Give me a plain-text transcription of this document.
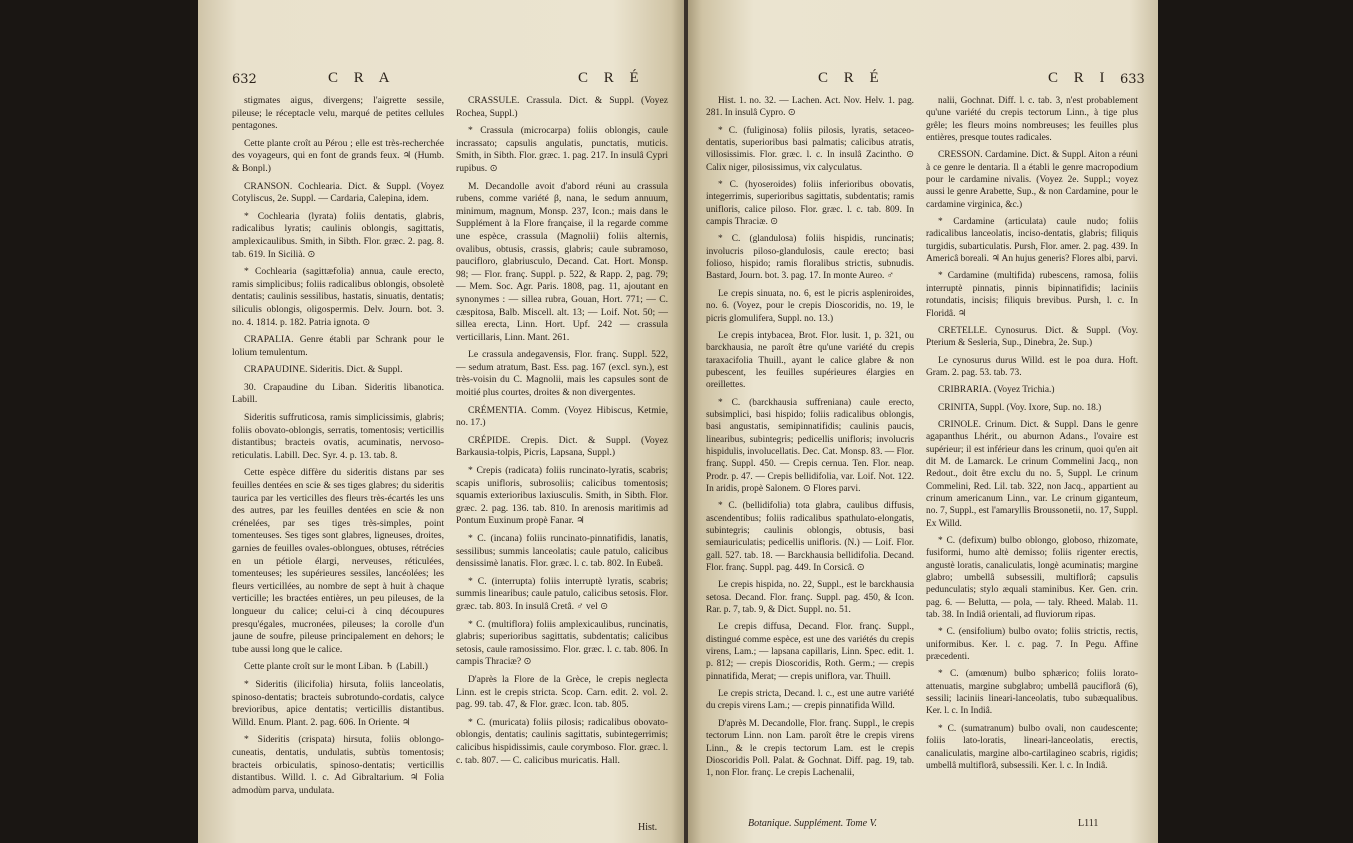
632	C R A	C R É

stigmates aigus, divergens; l'aigrette sessile, pileuse; le réceptacle velu, marqué de petites cellules pentagones.

Cette plante croît au Pérou ; elle est très-recherchée des voyageurs, qui en font de grands feux. ♃ (Humb. & Bonpl.)

CRANSON. Cochlearia. Dict. & Suppl. (Voyez Cotyliscus, 2e. Suppl. — Cardaria, Calepina, idem.

* Cochlearia (lyrata) foliis dentatis, glabris, radicalibus lyratis; caulinis oblongis, sagittatis, amplexicaulibus. Smith, in Sibth. Flor. græc. 2. pag. 8. tab. 619. In Sicilià. ⊙

* Cochlearia (sagittæfolia) annua, caule erecto, ramis simplicibus; foliis radicalibus oblongis, obsoletè dentatis; caulinis sessilibus, hastatis, sinuatis, dentatis; siliculis oblongis, oligospermis. Delv. Journ. bot. 3. no. 4. 1814. p. 182. Patria ignota. ⊙

CRAPALIA. Genre établi par Schrank pour le lolium temulentum.

CRAPAUDINE. Sideritis. Dict. & Suppl.

30. Crapaudine du Liban. Sideritis libanotica. Labill.

Sideritis suffruticosa, ramis simplicissimis, glabris; foliis obovato-oblongis, serratis, tomentosis; verticillis distantibus; bracteis ovatis, acuminatis, nervoso-reticulatis. Labill. Dec. Syr. 4. p. 13. tab. 8.

Cette espèce diffère du sideritis distans par ses feuilles dentées en scie & ses tiges glabres; du sideritis taurica par les verticilles des fleurs très-écartés les uns des autres, par les feuilles dentées en scie & non crénelées, par ses tiges très-simples, point tomenteuses. Ses tiges sont glabres, ligneuses, droites, garnies de feuilles ovales-oblongues, obtuses, rétrécies en un pétiole élargi, nerveuses, réticulées, tomenteuses; les supérieures sessiles, lancéolées; les fleurs verticillées, au nombre de sept à huit à chaque verticille; les bractées entières, un peu pileuses, de la longueur du calice; celui-ci à cinq découpures presqu'égales, mucronées, pileuses; la corolle d'un jaune de soufre, pileuse principalement en dehors; le tube aussi long que le calice.

Cette plante croît sur le mont Liban. ♄ (Labill.)

* Sideritis (ilicifolia) hirsuta, foliis lanceolatis, spinoso-dentatis; bracteis subrotundo-cordatis, calyce brevioribus, apice dentatis; verticillis distantibus. Willd. Enum. Plant. 2. pag. 606. In Oriente. ♃

* Sideritis (crispata) hirsuta, foliis oblongo-cuneatis, dentatis, undulatis, subtùs tomentosis; bracteis orbiculatis, spinoso-dentatis; verticillis distantibus. Willd. l. c. Ad Gibraltarium. ♃ Folia admodùm parva, undulata.

CRASSULE. Crassula. Dict. & Suppl. (Voyez Rochea, Suppl.)

* Crassula (microcarpa) foliis oblongis, caule incrassato; capsulis angulatis, punctatis, muticis. Smith, in Sibth. Flor. græc. 1. pag. 217. In insulâ Cypri rupibus. ⊙

M. Decandolle avoit d'abord réuni au crassula rubens, comme variété β, nana, le sedum annuum, minimum, magnum, Monsp. 237, Icon.; mais dans le Supplément à la Flore française, il la regarde comme une espèce, crassula (Magnolii) foliis alternis, ovalibus, obtusis, crassis, glabris; caule subramoso, paucifloro, glabriusculo, Decand. Cat. Hort. Monsp. 98; — Flor. franç. Suppl. p. 522, & Rapp. 2, pag. 79; — Mem. Soc. Agr. Paris. 1808, pag. 11, ajoutant en synonymes : — sillea rubra, Gouan, Hort. 771; — C. cæspitosa, Balb. Miscell. alt. 13; — Loif. Not. 50; — sillea erecta, Linn. Hort. Upf. 242 — crassula verticillaris, Linn. Mant. 261.

Le crassula andegavensis, Flor. franç. Suppl. 522, — sedum atratum, Bast. Ess. pag. 167 (excl. syn.), est très-voisin du C. Magnolii, mais les capsules sont de moitié plus courtes, droites & non divergentes.

CRÉMENTIA. Comm. (Voyez Hibiscus, Ketmie, no. 17.)

CRÉPIDE. Crepis. Dict. & Suppl. (Voyez Barkausia-tolpis, Picris, Lapsana, Suppl.)

* Crepis (radicata) foliis runcinato-lyratis, scabris; scapis unifloris, subrosoliis; calicibus tomentosis; squamis exterioribus laxiusculis. Smith, in Sibth. Flor. græc. 2. pag. 136. tab. 810. In arenosis maritimis ad Pontum Euxinum propè Fanar. ♃

* C. (incana) foliis runcinato-pinnatifidis, lanatis, sessilibus; summis lanceolatis; caule patulo, calicibus densissimè lanatis. Flor. græc. l. c. tab. 802. In Eubeâ.

* C. (interrupta) foliis interruptè lyratis, scabris; summis linearibus; caule patulo, calicibus setosis. Flor. græc. tab. 803. In insulâ Cretâ. ♂ vel ⊙

* C. (multiflora) foliis amplexicaulibus, runcinatis, glabris; superioribus sagittatis, subdentatis; calicibus setosis, caule ramosissimo. Flor. græc. l. c. tab. 806. In campis Thraciæ? ⊙

D'après la Flore de la Grèce, le crepis neglecta Linn. est le crepis stricta. Scop. Carn. edit. 2. vol. 2. pag. 99. tab. 47, & Flor. græc. Icon. tab. 805.

* C. (muricata) foliis pilosis; radicalibus obovato-oblongis, dentatis; caulinis sagittatis, subintegerrimis; calicibus hispidissimis, caule corymboso. Flor. græc. l. c. tab. 807. — C. calicibus muricatis. Hall.

Hist.
C R É	C R I 633

Hist. 1. no. 32. — Lachen. Act. Nov. Helv. 1. pag. 281. In insulâ Cypro. ⊙

* C. (fuliginosa) foliis pilosis, lyratis, setaceo-dentatis, superioribus basi palmatis; calicibus atratis, villosissimis. Flor. græc. l. c. In insulâ Zacintho. ⊙ Calix niger, pilosissimus, vix calyculatus.

* C. (hyoseroides) foliis inferioribus obovatis, integerrimis, superioribus sagittatis, subdentatis; ramis unifloris, calice piloso. Flor. græc. l. c. tab. 809. In campis Thraciæ. ⊙

* C. (glandulosa) foliis hispidis, runcinatis; involucris piloso-glandulosis, caule erecto; basi folioso, hispido; ramis floralibus strictis, subnudis. Bastard, Journ. bot. 3. pag. 17. In monte Aureo. ♂

Le crepis sinuata, no. 6, est le picris aspleniroides, no. 6. (Voyez, pour le crepis Dioscoridis, no. 19, le picris glomulifera, Suppl. no. 13.)

Le crepis intybacea, Brot. Flor. lusit. 1, p. 321, ou barckhausia, ne paroît être qu'une variété du crepis taraxacifolia Thuill., ayant le calice glabre & non pubescent, les feuilles supérieures élargies en oreillettes.

* C. (barckhausia suffreniana) caule erecto, subsimplici, basi hispido; foliis radicalibus oblongis, basi angustatis, semipinnatifidis; caulinis paucis, linearibus, subintegris; pedicellis unifloris; involucris hispidulis, involucellatis. Dec. Cat. Monsp. 83. — Flor. franç. Suppl. 450. — Crepis cernua. Ten. Flor. neap. Prodr. p. 47. — Crepis bellidifolia, var. Loif. Not. 122. In aridis, propè Salonem. ⊙ Flores parvi.

* C. (bellidifolia) tota glabra, caulibus diffusis, ascendentibus; foliis radicalibus spathulato-elongatis, subintegris; caulinis oblongis, obtusis, basi semiauriculatis; pedicellis unifloris. (N.) — Loif. Flor. gall. 527. tab. 18. — Barckhausia bellidifolia. Decand. Flor. franç. Suppl. pag. 449. In Corsicâ. ⊙

Le crepis hispida, no. 22, Suppl., est le barckhausia setosa. Decand. Flor. franç. Suppl. pag. 450, & Icon. Rar. p. 7, tab. 9, & Dict. Suppl. no. 51.

Le crepis diffusa, Decand. Flor. franç. Suppl., distingué comme espèce, est une des variétés du crepis virens, Lam.; — lapsana capillaris, Linn. Spec. edit. 1. p. 812; — crepis Dioscoridis, Roth. Germ.; — crepis pinnatifida, Merat; — crepis uniflora, var. Thuill.

Le crepis stricta, Decand. l. c., est une autre variété du crepis virens Lam.; — crepis pinnatifida Willd.

D'après M. Decandolle, Flor. franç. Suppl., le crepis tectorum Linn. non Lam. paroît être le crepis virens Linn., & le crepis tectorum Lam. est le crepis Dioscoridis Poll. Palat. & Gochnat. Diff. pag. 19, tab. 1, non Flor. franç. Le crepis Lachenalii,

nalii, Gochnat. Diff. l. c. tab. 3, n'est probablement qu'une variété du crepis tectorum Linn., à tige plus grêle; les fleurs moins nombreuses; les feuilles plus entières, presque toutes radicales.

CRESSON. Cardamine. Dict. & Suppl. Aiton a réuni à ce genre le dentaria. Il a établi le genre macropodium pour le cardamine nivalis. (Voyez 2e. Suppl.; voyez aussi le genre Arabette, Sup., & non Cardamine, pour le cardamine virginica, &c.)

* Cardamine (articulata) caule nudo; foliis radicalibus lanceolatis, inciso-dentatis, glabris; filiquis turgidis, subarticulatis. Pursh, Flor. amer. 2. pag. 439. In Americâ boreali. ♃ An hujus generis? Flores albi, parvi.

* Cardamine (multifida) rubescens, ramosa, foliis interruptè pinnatis, pinnis bipinnatifidis; laciniis rotundatis, incisis; filiquis brevibus. Pursh, l. c. In Floridâ. ♃

CRETELLE. Cynosurus. Dict. & Suppl. (Voy. Pterium & Sesleria, Sup., Dinebra, 2e. Sup.)

Le cynosurus durus Willd. est le poa dura. Hoft. Gram. 2. pag. 53. tab. 73.

CRIBRARIA. (Voyez Trichia.)

CRINITA, Suppl. (Voy. Ixore, Sup. no. 18.)

CRINOLE. Crinum. Dict. & Suppl. Dans le genre agapanthus Lhérit., ou aburnon Adans., l'ovaire est supérieur; il est inférieur dans les crinum, quoi qu'en ait dit M. de Lamarck. Le crinum Commelini Jacq., non Redout., doit être exclu du no. 5, Suppl. Le crinum Commelini, Red. Lil. tab. 322, non Jacq., appartient au crinum americanum Linn., var. Le crinum giganteum, no. 7, Suppl., est l'amaryllis Broussonetii, no. 17, Suppl. Ex Willd.

* C. (defixum) bulbo oblongo, globoso, rhizomate, fusiformi, humo altè demisso; foliis rigenter erectis, angustè loratis, canaliculatis, longè acuminatis; margine glabro; umbellâ subsessili, multiflorâ; capsulis pedunculatis; stylo æquali staminibus. Ker. Gen. crin. pag. 6. — Belutta, — pola, — taly. Rheed. Malab. 11. tab. 38. In Indiâ orientali, ad fluviorum ripas.

* C. (ensifolium) bulbo ovato; foliis strictis, rectis, uniformibus. Ker. l. c. pag. 7. In Pegu. Affine præcedenti.

* C. (amœnum) bulbo sphærico; foliis lorato-attenuatis, margine subglabro; umbellâ pauciflorâ (6), sessili; laciniis lineari-lanceolatis, tubo subæqualibus. Ker. l. c. In Indiâ.

* C. (sumatranum) bulbo ovali, non caudescente; foliis lato-loratis, lineari-lanceolatis, erectis, canaliculatis, margine albo-cartilagineo scabris, rigidis; umbellâ multiflorâ, subsessili. Ker. l. c. In Indiâ.

Botanique. Supplément. Tome V.	L111
